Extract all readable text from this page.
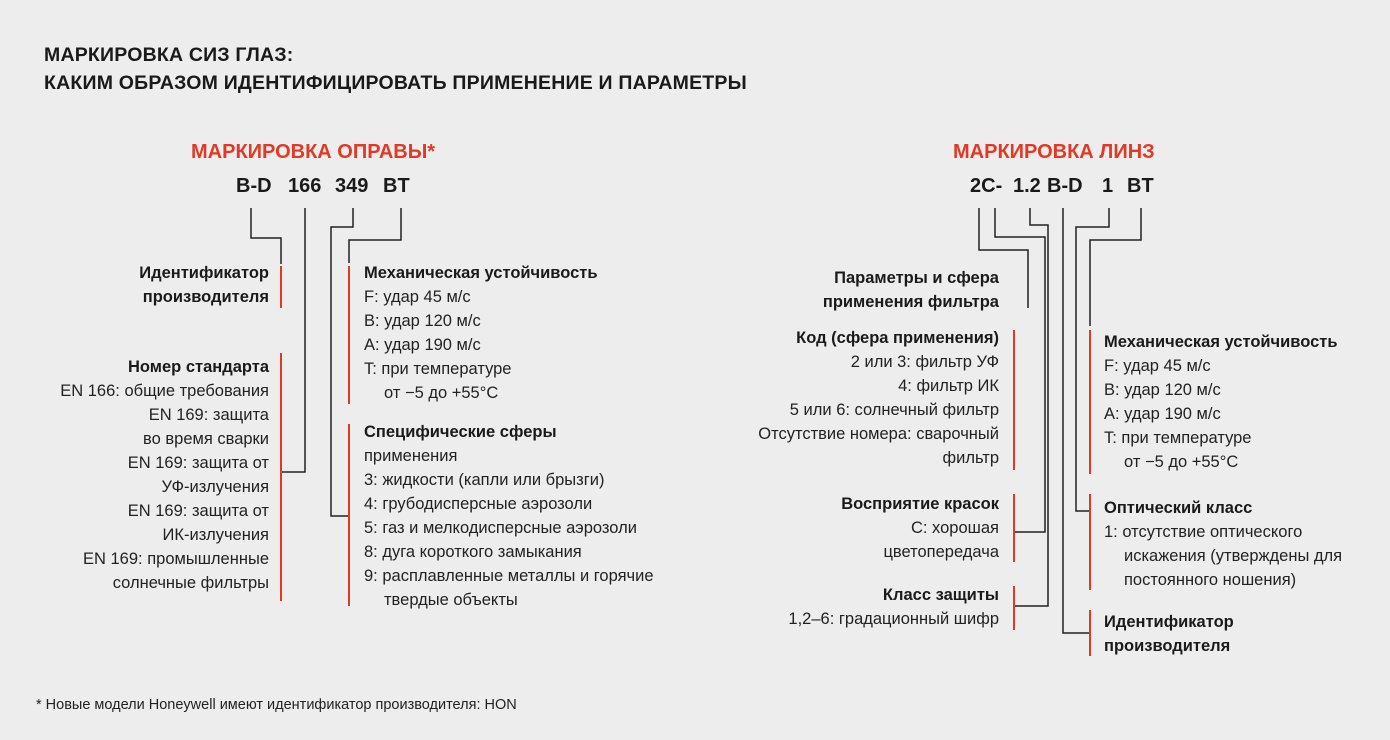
МАРКИРОВКА СИЗ ГЛАЗ:
КАКИМ ОБРАЗОМ ИДЕНТИФИЦИРОВАТЬ ПРИМЕНЕНИЕ И ПАРАМЕТРЫ
МАРКИРОВКА ОПРАВЫ*
B-D 166 349 BT
Идентификатор
производителя
Номер стандарта
EN 166: общие требования
EN 169: защита
во время сварки
EN 169: защита от
УФ-излучения
EN 169: защита от
ИК-излучения
EN 169: промышленные
солнечные фильтры
Механическая устойчивость
F: удар 45 м/с
B: удар 120 м/с
A: удар 190 м/с
T: при температуре
от −5 до +55°C
Специфические сферы
применения
3: жидкости (капли или брызги)
4: грубодисперсные аэрозоли
5: газ и мелкодисперсные аэрозоли
8: дуга короткого замыкания
9: расплавленные металлы и горячие
твердые объекты
МАРКИРОВКА ЛИНЗ
2C- 1.2 B-D 1 BT
Параметры и сфера
применения фильтра
Код (сфера применения)
2 или 3: фильтр УФ
4: фильтр ИК
5 или 6: солнечный фильтр
Отсутствие номера: сварочный
фильтр
Восприятие красок
C: хорошая
цветопередача
Класс защиты
1,2–6: градационный шифр
Механическая устойчивость
F: удар 45 м/с
B: удар 120 м/с
A: удар 190 м/с
T: при температуре
от −5 до +55°C
Оптический класс
1: отсутствие оптического
искажения (утверждены для
постоянного ношения)
Идентификатор
производителя
* Новые модели Honeywell имеют идентификатор производителя: HON
